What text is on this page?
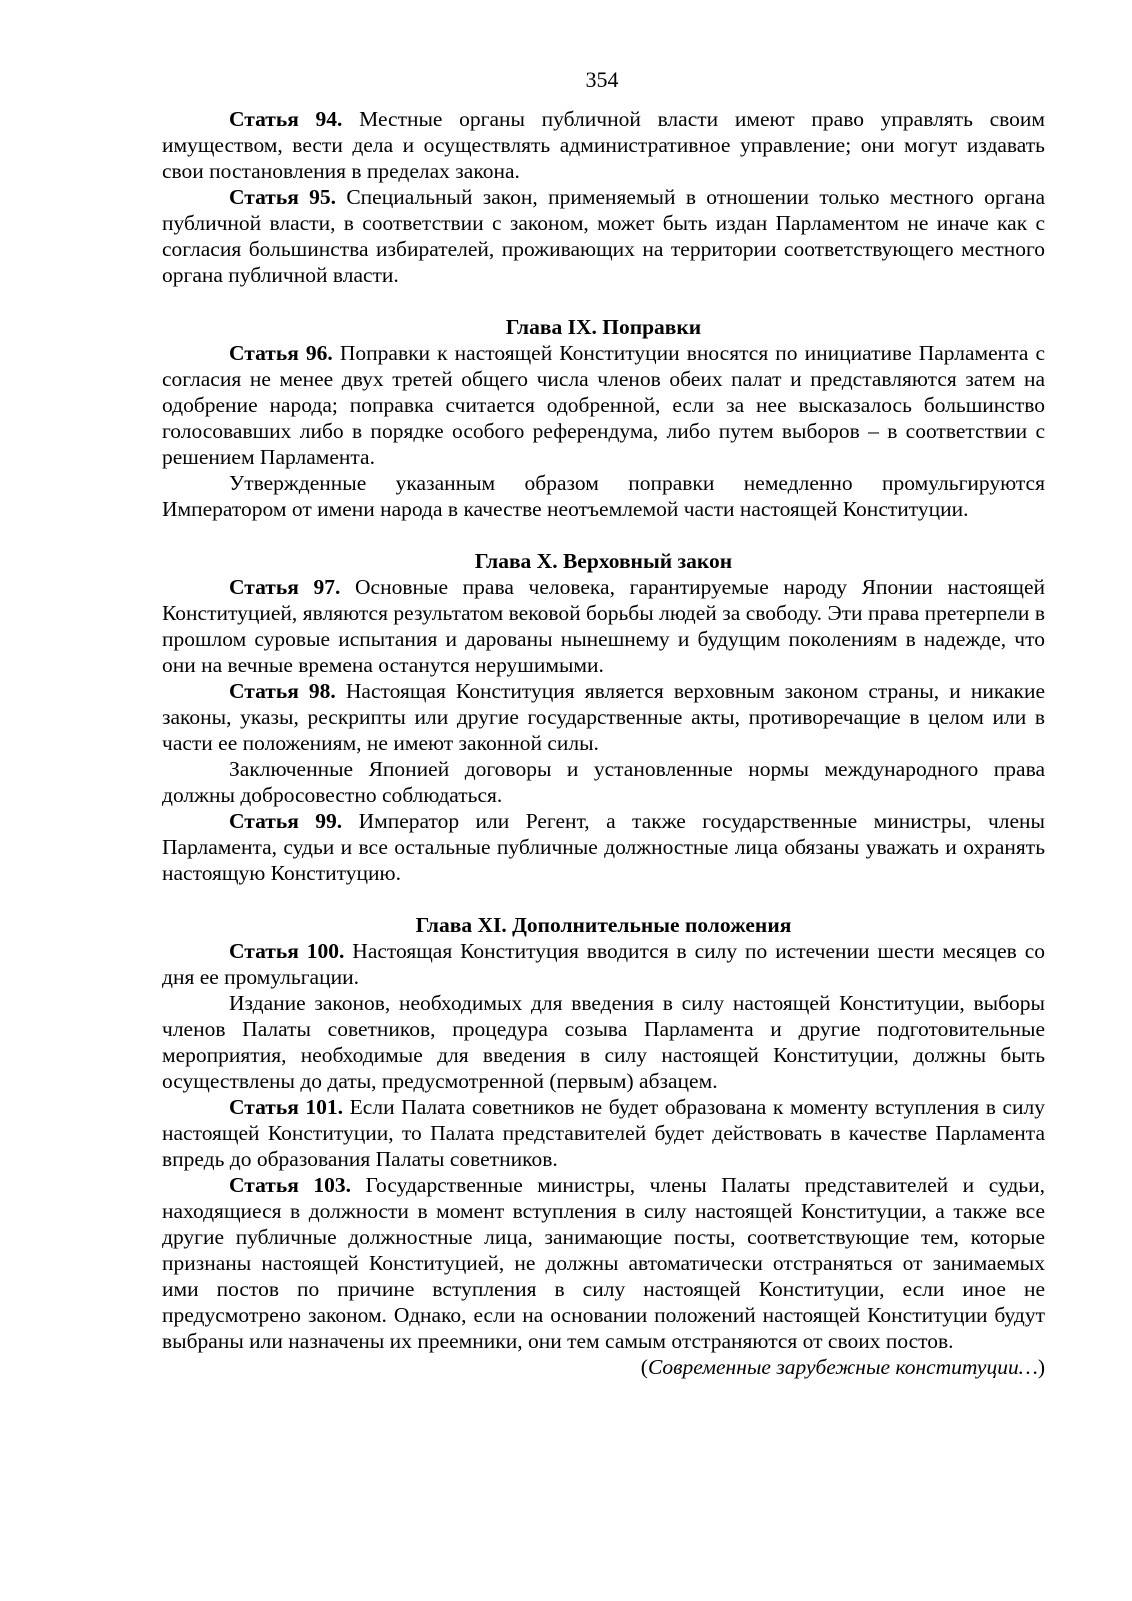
354

Статья 94. Местные органы публичной власти имеют право управлять своим имуществом, вести дела и осуществлять административное управление; они могут издавать свои постановления в пределах закона.

Статья 95. Специальный закон, применяемый в отношении только местного органа публичной власти, в соответствии с законом, может быть издан Парламентом не иначе как с согласия большинства избирателей, проживающих на территории соответствующего местного органа публичной власти.

Глава IX. Поправки

Статья 96. Поправки к настоящей Конституции вносятся по инициативе Парламента с согласия не менее двух третей общего числа членов обеих палат и представляются затем на одобрение народа; поправка считается одобренной, если за нее высказалось большинство голосовавших либо в порядке особого референдума, либо путем выборов – в соответствии с решением Парламента.

Утвержденные указанным образом поправки немедленно промульгируются Императором от имени народа в качестве неотъемлемой части настоящей Конституции.

Глава X. Верховный закон

Статья 97. Основные права человека, гарантируемые народу Японии настоящей Конституцией, являются результатом вековой борьбы людей за свободу. Эти права претерпели в прошлом суровые испытания и дарованы нынешнему и будущим поколениям в надежде, что они на вечные времена останутся нерушимыми.

Статья 98. Настоящая Конституция является верховным законом страны, и никакие законы, указы, рескрипты или другие государственные акты, противоречащие в целом или в части ее положениям, не имеют законной силы.

Заключенные Японией договоры и установленные нормы международного права должны добросовестно соблюдаться.

Статья 99. Император или Регент, а также государственные министры, члены Парламента, судьи и все остальные публичные должностные лица обязаны уважать и охранять настоящую Конституцию.

Глава XI. Дополнительные положения

Статья 100. Настоящая Конституция вводится в силу по истечении шести месяцев со дня ее промульгации.

Издание законов, необходимых для введения в силу настоящей Конституции, выборы членов Палаты советников, процедура созыва Парламента и другие подготовительные мероприятия, необходимые для введения в силу настоящей Конституции, должны быть осуществлены до даты, предусмотренной (первым) абзацем.

Статья 101. Если Палата советников не будет образована к моменту вступления в силу настоящей Конституции, то Палата представителей будет действовать в качестве Парламента впредь до образования Палаты советников.

Статья 103. Государственные министры, члены Палаты представителей и судьи, находящиеся в должности в момент вступления в силу настоящей Конституции, а также все другие публичные должностные лица, занимающие посты, соответствующие тем, которые признаны настоящей Конституцией, не должны автоматически отстраняться от занимаемых ими постов по причине вступления в силу настоящей Конституции, если иное не предусмотрено законом. Однако, если на основании положений настоящей Конституции будут выбраны или назначены их преемники, они тем самым отстраняются от своих постов.

(Современные зарубежные конституции…)
